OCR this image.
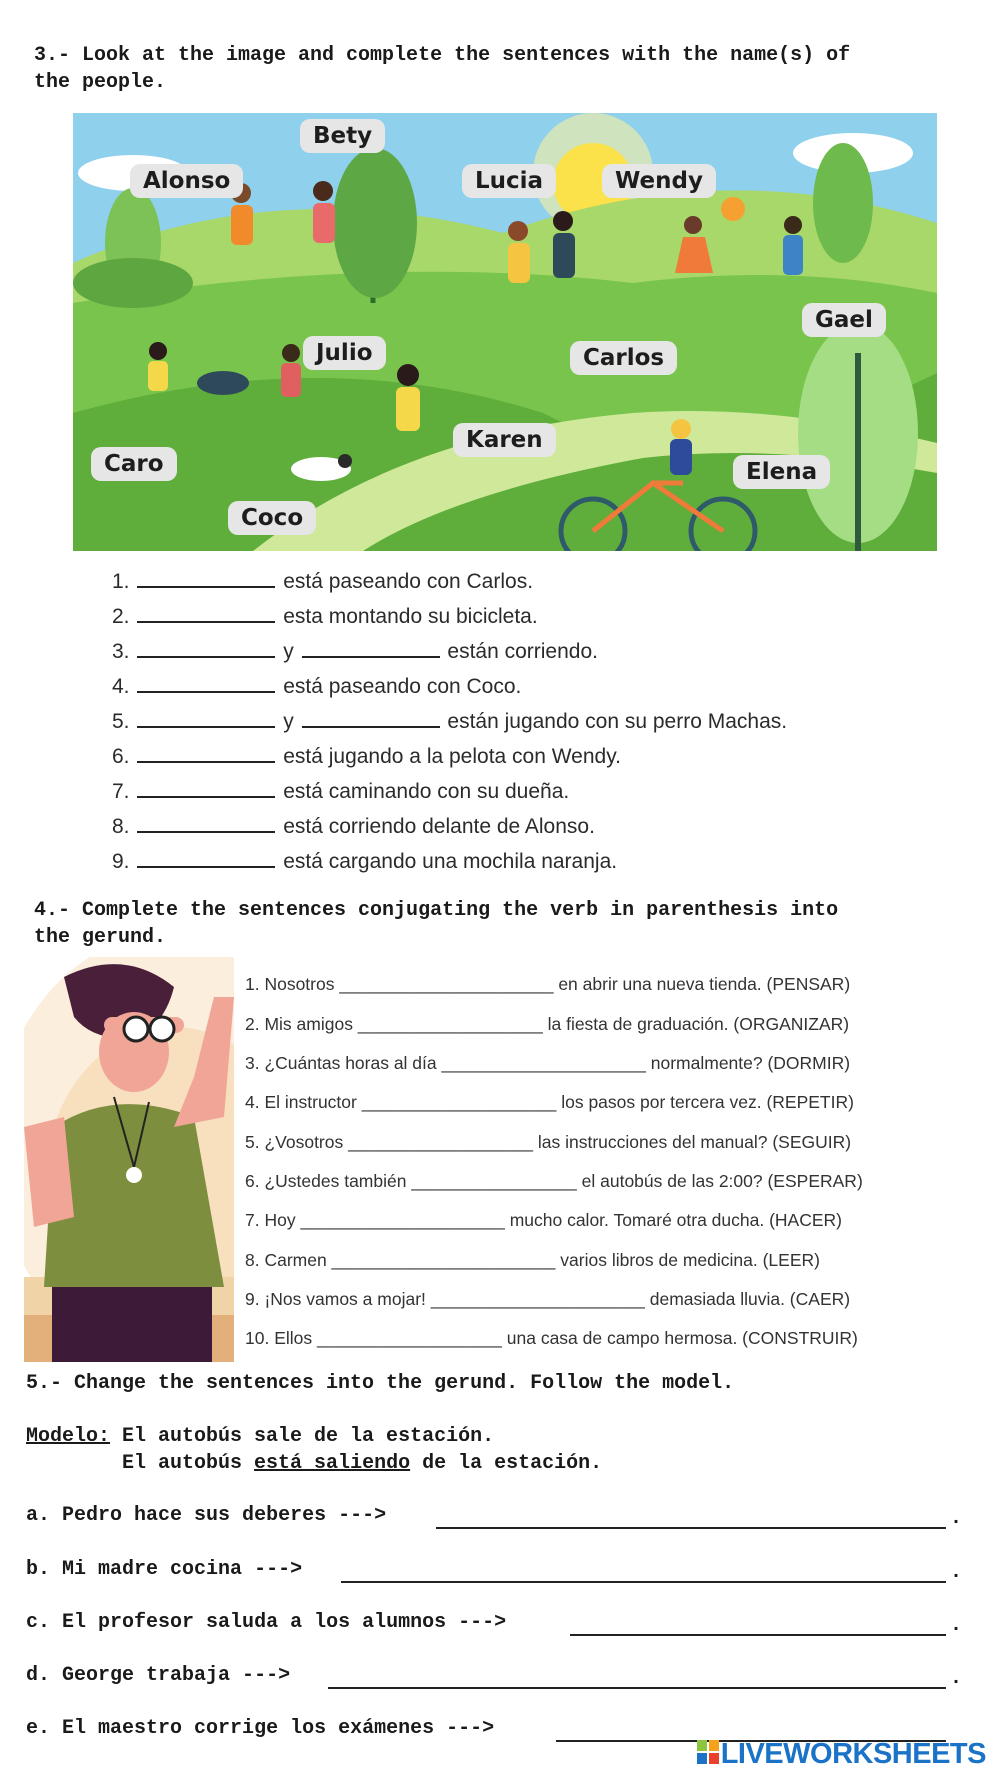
3.- Look at the image and complete the sentences with the name(s) of
the people.
Bety
Alonso	Lucia	Wendy
Gael
Julio	Carlos
Karen
Caro	Elena
Coco
1.	está paseando con Carlos.
2.	esta montando su bicicleta.
3.	y	están corriendo.
4.	está paseando con Coco.
5.	y	están jugando con su perro Machas.
6.	está jugando a la pelota con Wendy.
7.	está caminando con su dueña.
8.	está corriendo delante de Alonso.
9.	está cargando una mochila naranja.
4.- Complete the sentences conjugating the verb in parenthesis into
the gerund.
1. Nosotros ______________________ en abrir una nueva tienda. (PENSAR)
2. Mis amigos ___________________ la fiesta de graduación. (ORGANIZAR)
3. ¿Cuántas horas al día _____________________ normalmente? (DORMIR)
4. El instructor ____________________ los pasos por tercera vez. (REPETIR)
5. ¿Vosotros ___________________ las instrucciones del manual? (SEGUIR)
6. ¿Ustedes también _________________ el autobús de las 2:00? (ESPERAR)
7. Hoy _____________________ mucho calor. Tomaré otra ducha. (HACER)
8. Carmen _______________________ varios libros de medicina. (LEER)
9. ¡Nos vamos a mojar! ______________________ demasiada lluvia. (CAER)
10. Ellos ___________________ una casa de campo hermosa. (CONSTRUIR)
5.- Change the sentences into the gerund. Follow the model.
Modelo: El autobús sale de la estación.
El autobús está saliendo de la estación.
a. Pedro hace sus deberes --->
b. Mi madre cocina --->
c. El profesor saluda a los alumnos --->
d. George trabaja --->
e. El maestro corrige los exámenes --->
.
.
.
.
LIVEWORKSHEETS
